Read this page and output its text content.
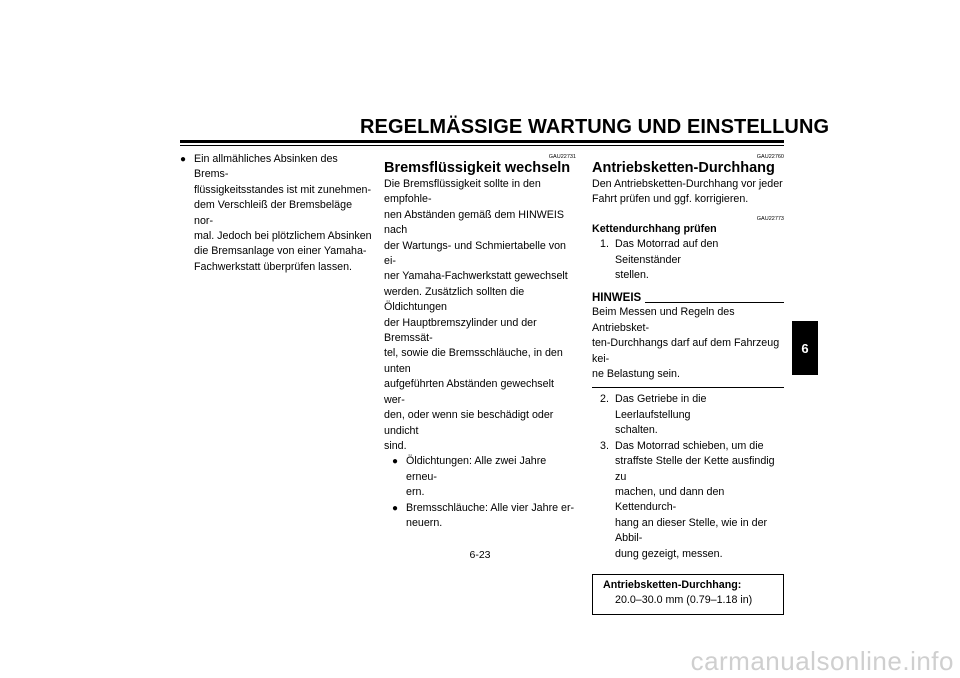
REGELMÄSSIGE WARTUNG UND EINSTELLUNG
● Ein allmähliches Absinken des Brems-
flüssigkeitsstandes ist mit zunehmen-
dem Verschleiß der Bremsbeläge nor-
mal. Jedoch bei plötzlichem Absinken
die Bremsanlage von einer Yamaha-
Fachwerkstatt überprüfen lassen.
GAU22731
Bremsflüssigkeit wechseln
Die Bremsflüssigkeit sollte in den empfohle-
nen Abständen gemäß dem HINWEIS nach
der Wartungs- und Schmiertabelle von ei-
ner Yamaha-Fachwerkstatt gewechselt
werden. Zusätzlich sollten die Öldichtungen
der Hauptbremszylinder und der Bremssät-
tel, sowie die Bremsschläuche, in den unten
aufgeführten Abständen gewechselt wer-
den, oder wenn sie beschädigt oder undicht
sind.
● Öldichtungen: Alle zwei Jahre erneu-
ern.
● Bremsschläuche: Alle vier Jahre er-
neuern.
GAU22760
Antriebsketten-Durchhang
Den Antriebsketten-Durchhang vor jeder
Fahrt prüfen und ggf. korrigieren.
GAU22773
Kettendurchhang prüfen
1. Das Motorrad auf den Seitenständer
stellen.
HINWEIS
Beim Messen und Regeln des Antriebsket-
ten-Durchhangs darf auf dem Fahrzeug kei-
ne Belastung sein.
2. Das Getriebe in die Leerlaufstellung
schalten.
3. Das Motorrad schieben, um die
straffste Stelle der Kette ausfindig zu
machen, und dann den Kettendurch-
hang an dieser Stelle, wie in der Abbil-
dung gezeigt, messen.
Antriebsketten-Durchhang:
20.0–30.0 mm (0.79–1.18 in)
6
6-23
carmanualsonline.info
